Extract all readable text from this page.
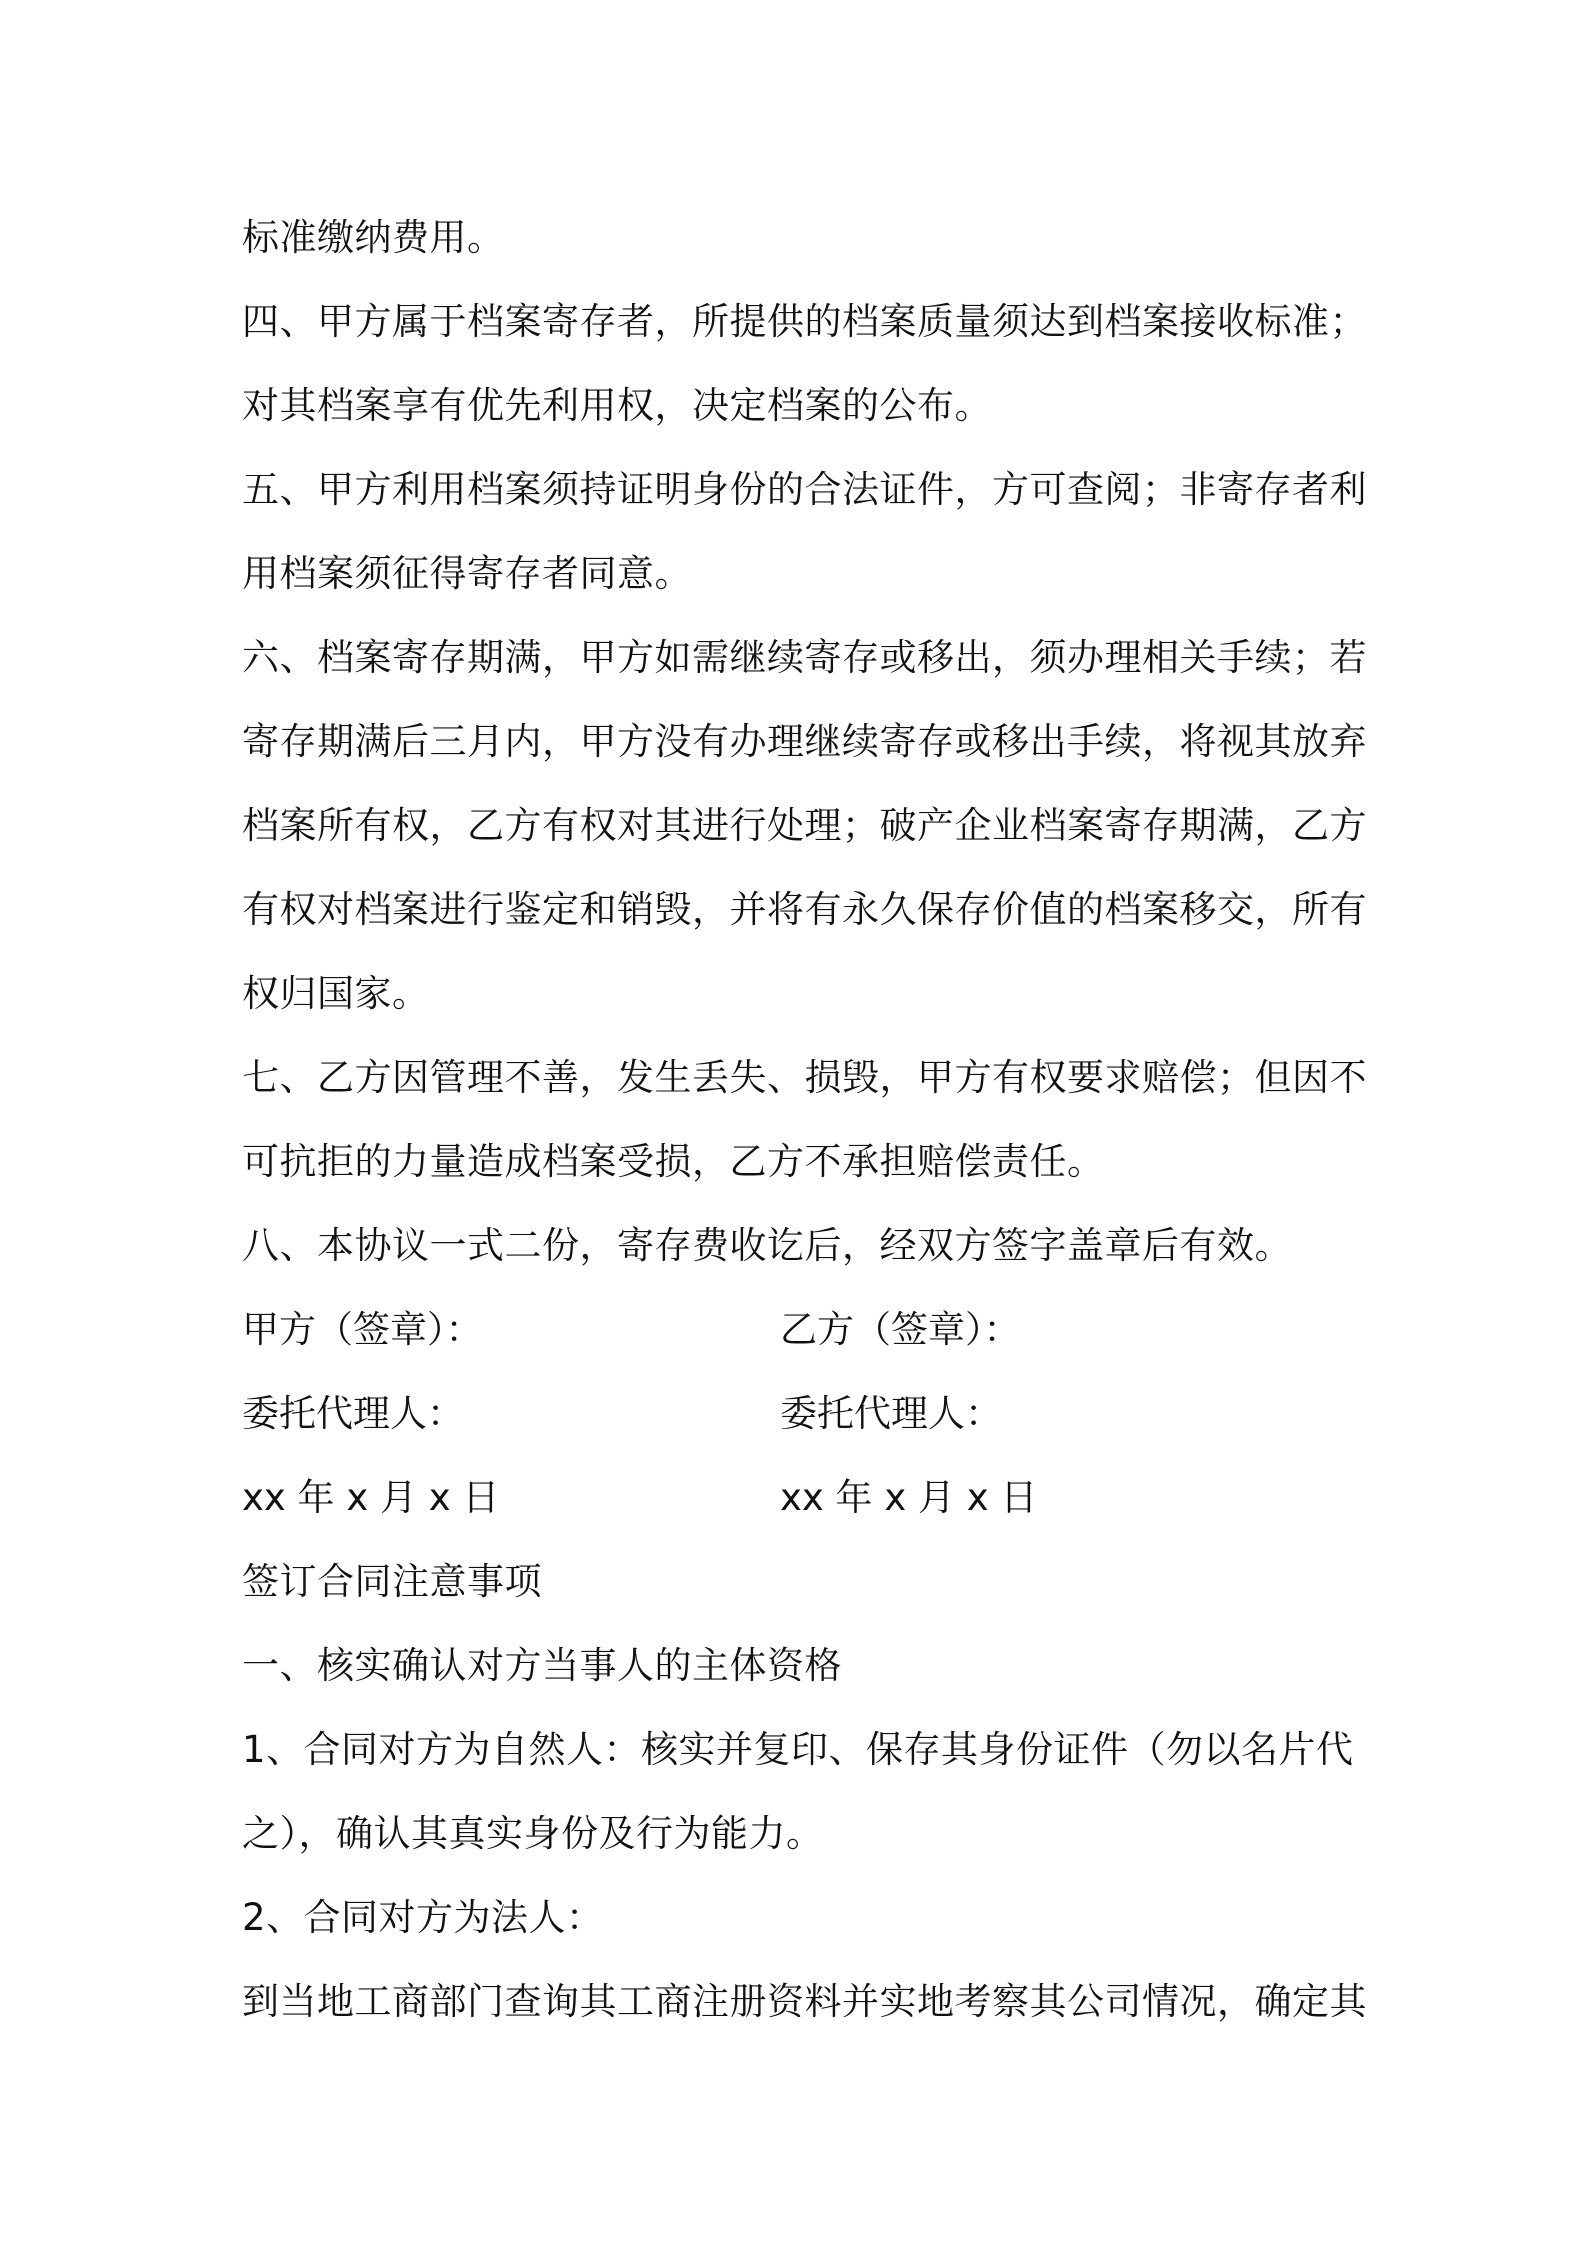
标准缴纳费用。
四、甲方属于档案寄存者，所提供的档案质量须达到档案接收标准；
对其档案享有优先利用权，决定档案的公布。
五、甲方利用档案须持证明身份的合法证件，方可查阅；非寄存者利
用档案须征得寄存者同意。
六、档案寄存期满，甲方如需继续寄存或移出，须办理相关手续；若
寄存期满后三月内，甲方没有办理继续寄存或移出手续，将视其放弃
档案所有权，乙方有权对其进行处理；破产企业档案寄存期满，乙方
有权对档案进行鉴定和销毁，并将有永久保存价值的档案移交，所有
权归国家。
七、乙方因管理不善，发生丢失、损毁，甲方有权要求赔偿；但因不
可抗拒的力量造成档案受损，乙方不承担赔偿责任。
八、本协议一式二份，寄存费收讫后，经双方签字盖章后有效。
甲方（签章）：	乙方（签章）：
委托代理人：	委托代理人：
xx 年 x 月 x 日	xx 年 x 月 x 日
签订合同注意事项
一、核实确认对方当事人的主体资格
1、合同对方为自然人：核实并复印、保存其身份证件（勿以名片代
之），确认其真实身份及行为能力。
2、合同对方为法人：
到当地工商部门查询其工商注册资料并实地考察其公司情况，确定其
